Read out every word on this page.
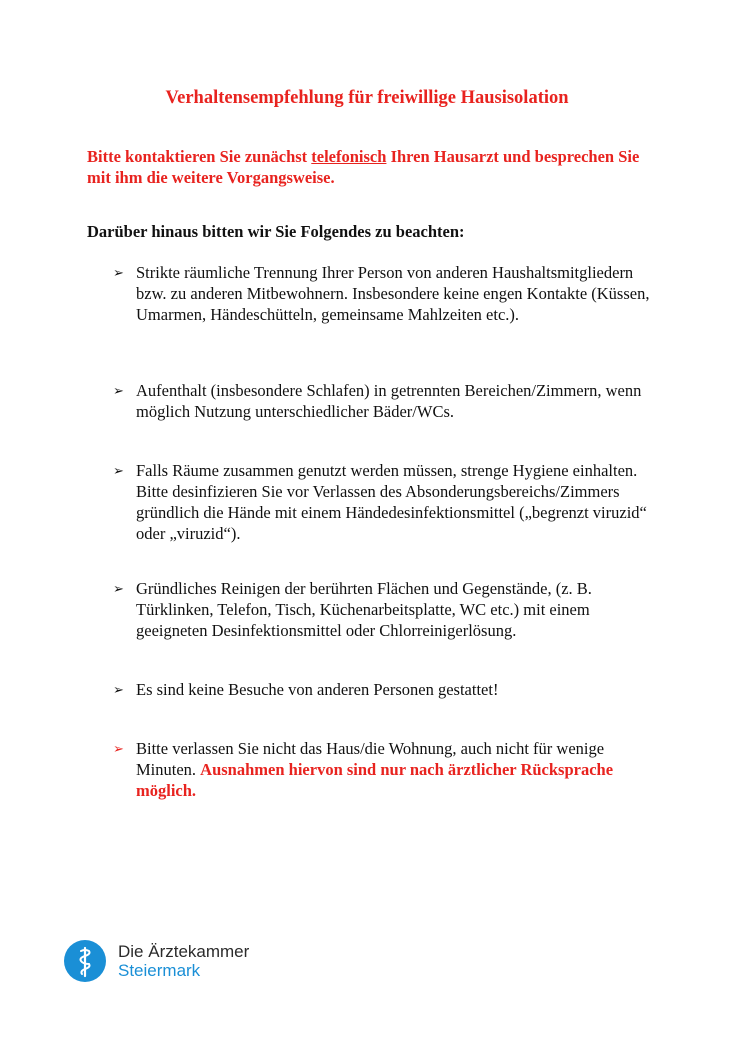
Verhaltensempfehlung für freiwillige Hausisolation
Bitte kontaktieren Sie zunächst telefonisch Ihren Hausarzt und besprechen Sie mit ihm die weitere Vorgangsweise.
Darüber hinaus bitten wir Sie Folgendes zu beachten:
➢ Strikte räumliche Trennung Ihrer Person von anderen Haushaltsmitgliedern bzw. zu anderen Mitbewohnern. Insbesondere keine engen Kontakte (Küssen, Umarmen, Händeschütteln, gemeinsame Mahlzeiten etc.).
➢ Aufenthalt (insbesondere Schlafen) in getrennten Bereichen/Zimmern, wenn möglich Nutzung unterschiedlicher Bäder/WCs.
➢ Falls Räume zusammen genutzt werden müssen, strenge Hygiene einhalten. Bitte desinfizieren Sie vor Verlassen des Absonderungsbereichs/Zimmers gründlich die Hände mit einem Händedesinfektionsmittel („begrenzt viruzid“ oder „viruzid“).
➢ Gründliches Reinigen der berührten Flächen und Gegenstände, (z. B. Türklinken, Telefon, Tisch, Küchenarbeitsplatte, WC etc.) mit einem geeigneten Desinfektionsmittel oder Chlorreinigerlösung.
➢ Es sind keine Besuche von anderen Personen gestattet!
➢ Bitte verlassen Sie nicht das Haus/die Wohnung, auch nicht für wenige Minuten. Ausnahmen hiervon sind nur nach ärztlicher Rücksprache möglich.
Die Ärztekammer
Steiermark
